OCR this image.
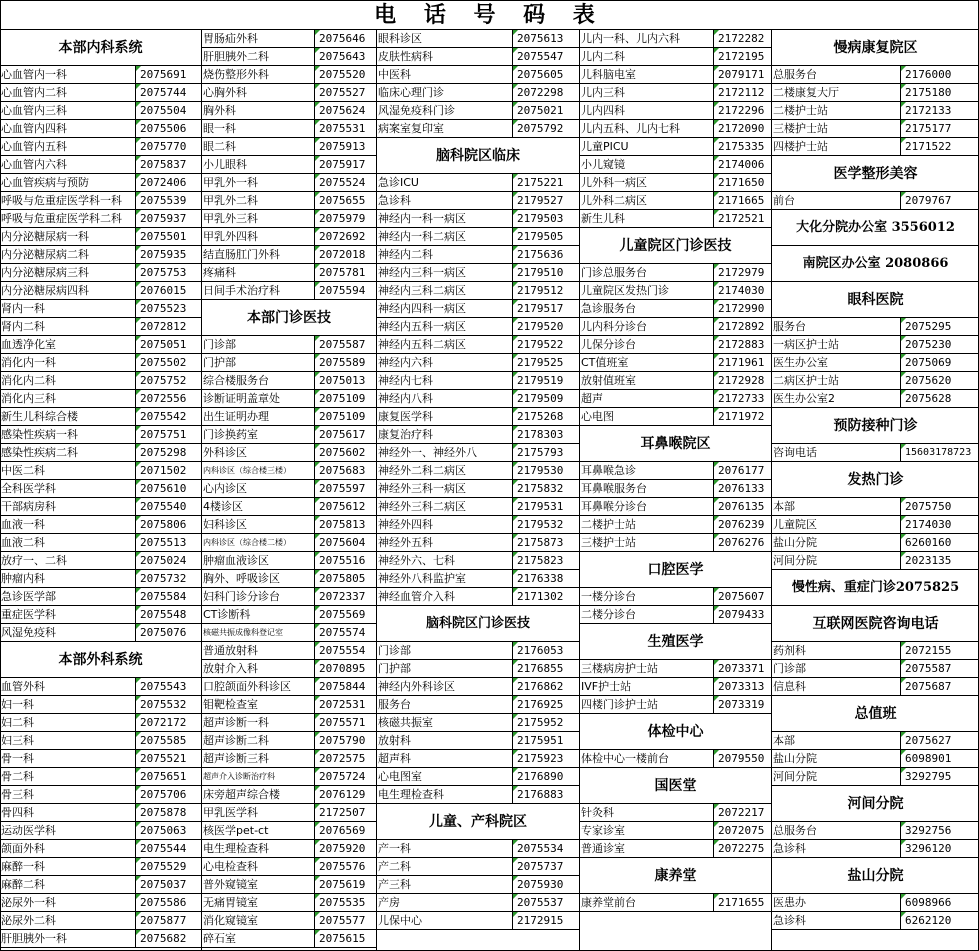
电 话 号 码 表
本部内科系统
心血管内一科	2075691
心血管内二科	2075744
心血管内三科	2075504
心血管内四科	2075506
心血管内五科	2075770
心血管内六科	2075837
心血管疾病与预防	2072406
呼吸与危重症医学科一科	2075539
呼吸与危重症医学科二科	2075937
内分泌糖尿病一科	2075501
内分泌糖尿病二科	2075935
内分泌糖尿病三科	2075753
内分泌糖尿病四科	2076015
肾内一科	2075523
肾内二科	2072812
血透净化室	2075051
消化内一科	2075502
消化内二科	2075752
消化内三科	2072556
新生儿科综合楼	2075542
感染性疾病一科	2075751
感染性疾病二科	2075298
中医二科	2071502
全科医学科	2075610
干部病房科	2075540
血液一科	2075806
血液二科	2075513
放疗一、二科	2075024
肿瘤内科	2075732
急诊医学部	2075584
重症医学科	2075548
风湿免疫科	2075076
本部外科系统
血管外科	2075543
妇一科	2075532
妇二科	2072172
妇三科	2075585
骨一科	2075521
骨二科	2075651
骨三科	2075706
骨四科	2075878
运动医学科	2075063
颌面外科	2075544
麻醉一科	2075529
麻醉二科	2075037
泌尿外一科	2075586
泌尿外二科	2075877
肝胆胰外一科	2075682
胃肠疝外科	2075646
肝胆胰外二科	2075643
烧伤整形外科	2075520
心胸外科	2075527
胸外科	2075624
眼一科	2075531
眼二科	2075913
小儿眼科	2075917
甲乳外一科	2075524
甲乳外二科	2075655
甲乳外三科	2075979
甲乳外四科	2072692
结直肠肛门外科	2072018
疼痛科	2075781
日间手术治疗科	2075594
本部门诊医技
门诊部	2075587
门护部	2075589
综合楼服务台	2075013
诊断证明盖章处	2075109
出生证明办理	2075109
门诊换药室	2075617
外科诊区	2075602
内科诊区（综合楼三楼）	2075683
心内诊区	2075597
4楼诊区	2075612
妇科诊区	2075813
内科诊区（综合楼二楼）	2075604
肿瘤血液诊区	2075516
胸外、呼吸诊区	2075805
妇科门诊分诊台	2072337
CT诊断科	2075569
核磁共振成像科登记室	2075574
普通放射科	2075554
放射介入科	2070895
口腔颌面外科诊区	2075844
钼靶检查室	2072531
超声诊断一科	2075571
超声诊断二科	2075790
超声诊断三科	2072575
超声介入诊断治疗科	2075724
床旁超声综合楼	2076129
甲乳医学科	2172507
核医学pet-ct	2076569
电生理检查科	2075920
心电检查科	2075576
普外窥镜室	2075619
无痛胃镜室	2075535
消化窥镜室	2075577
碎石室	2075615
眼科诊区	2075613
皮肤性病科	2075547
中医科	2075605
临床心理门诊	2072298
风湿免疫科门诊	2075021
病案室复印室	2075792
脑科院区临床
急诊ICU	2175221
急诊科	2179527
神经内一科一病区	2179503
神经内一科二病区	2179505
神经内二科	2175636
神经内三科一病区	2179510
神经内三科二病区	2179512
神经内四科一病区	2179517
神经内五科一病区	2179520
神经内五科二病区	2179522
神经内六科	2179525
神经内七科	2179519
神经内八科	2179509
康复医学科	2175268
康复治疗科	2178303
神经外一、神经外八	2175793
神经外二科二病区	2179530
神经外三科一病区	2175832
神经外三科二病区	2179531
神经外四科	2179532
神经外五科	2175873
神经外六、七科	2175823
神经外八科监护室	2176338
神经血管介入科	2171302
脑科院区门诊医技
门诊部	2176053
门护部	2176855
神经内外科诊区	2176862
服务台	2176925
核磁共振室	2175952
放射科	2175951
超声科	2175923
心电图室	2176890
电生理检查科	2176883
儿童、产科院区
产一科	2075534
产二科	2075737
产三科	2075930
产房	2075537
儿保中心	2172915
儿内一科、儿内六科	2172282
儿内二科	2172195
儿科脑电室	2079171
儿内三科	2172112
儿内四科	2172296
儿内五科、儿内七科	2172090
儿童PICU	2175335
小儿窥镜	2174006
儿外科一病区	2171650
儿外科二病区	2171665
新生儿科	2172521
儿童院区门诊医技
门诊总服务台	2172979
儿童院区发热门诊	2174030
急诊服务台	2172990
儿内科分诊台	2172892
儿保分诊台	2172883
CT值班室	2171961
放射值班室	2172928
超声	2172733
心电图	2171972
耳鼻喉院区
耳鼻喉急诊	2076177
耳鼻喉服务台	2076133
耳鼻喉分诊台	2076135
二楼护士站	2076239
三楼护士站	2076276
口腔医学
一楼分诊台	2075607
二楼分诊台	2079433
生殖医学
三楼病房护士站	2073371
IVF护士站	2073313
四楼门诊护士站	2073319
体检中心
体检中心一楼前台	2079550
国医堂
针灸科	2072217
专家诊室	2072075
普通诊室	2072275
康养堂
康养堂前台	2171655
慢病康复院区
总服务台	2176000
二楼康复大厅	2175180
二楼护士站	2172133
三楼护士站	2175177
四楼护士站	2171522
医学整形美容
前台	2079767
大化分院办公室 3556012
南院区办公室 2080866
眼科医院
服务台	2075295
一病区护士站	2075230
医生办公室	2075069
二病区护士站	2075620
医生办公室2	2075628
预防接种门诊
咨询电话	15603178723
发热门诊
本部	2075750
儿童院区	2174030
盐山分院	6260160
河间分院	2023135
慢性病、重症门诊2075825
互联网医院咨询电话
药剂科	2072155
门诊部	2075587
信息科	2075687
总值班
本部	2075627
盐山分院	6098901
河间分院	3292795
河间分院
总服务台	3292756
急诊科	3296120
盐山分院
医患办	6098966
急诊科	6262120
